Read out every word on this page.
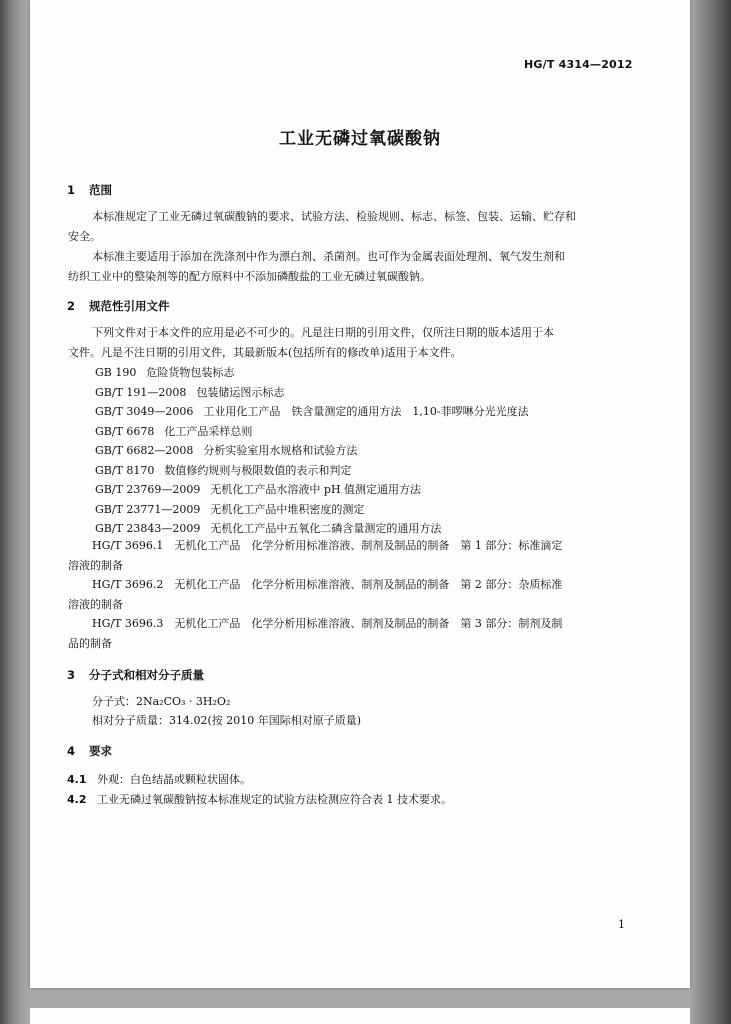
HG/T 4314—2012
工业无磷过氧碳酸钠
1 范围
本标准规定了工业无磷过氧碳酸钠的要求、试验方法、检验规则、标志、标签、包装、运输、贮存和
安全。
本标准主要适用于添加在洗涤剂中作为漂白剂、杀菌剂。也可作为金属表面处理剂、氧气发生剂和
纺织工业中的整染剂等的配方原料中不添加磷酸盐的工业无磷过氧碳酸钠。
2 规范性引用文件
下列文件对于本文件的应用是必不可少的。凡是注日期的引用文件，仅所注日期的版本适用于本
文件。凡是不注日期的引用文件，其最新版本(包括所有的修改单)适用于本文件。
GB 190 危险货物包装标志
GB/T 191—2008 包装储运图示标志
GB/T 3049—2006 工业用化工产品　铁含量测定的通用方法　1,10-菲啰啉分光光度法
GB/T 6678 化工产品采样总则
GB/T 6682—2008 分析实验室用水规格和试验方法
GB/T 8170 数值修约规则与极限数值的表示和判定
GB/T 23769—2009 无机化工产品水溶液中 pH 值测定通用方法
GB/T 23771—2009 无机化工产品中堆积密度的测定
GB/T 23843—2009 无机化工产品中五氧化二磷含量测定的通用方法
HG/T 3696.1　无机化工产品　化学分析用标准溶液、制剂及制品的制备　第 1 部分：标准滴定
溶液的制备
HG/T 3696.2　无机化工产品　化学分析用标准溶液、制剂及制品的制备　第 2 部分：杂质标准
溶液的制备
HG/T 3696.3　无机化工产品　化学分析用标准溶液、制剂及制品的制备　第 3 部分：制剂及制
品的制备
3 分子式和相对分子质量
分子式：2Na₂CO₃ · 3H₂O₂
相对分子质量：314.02(按 2010 年国际相对原子质量)
4 要求
4.1 外观：白色结晶或颗粒状固体。
4.2 工业无磷过氧碳酸钠按本标准规定的试验方法检测应符合表 1 技术要求。
1
